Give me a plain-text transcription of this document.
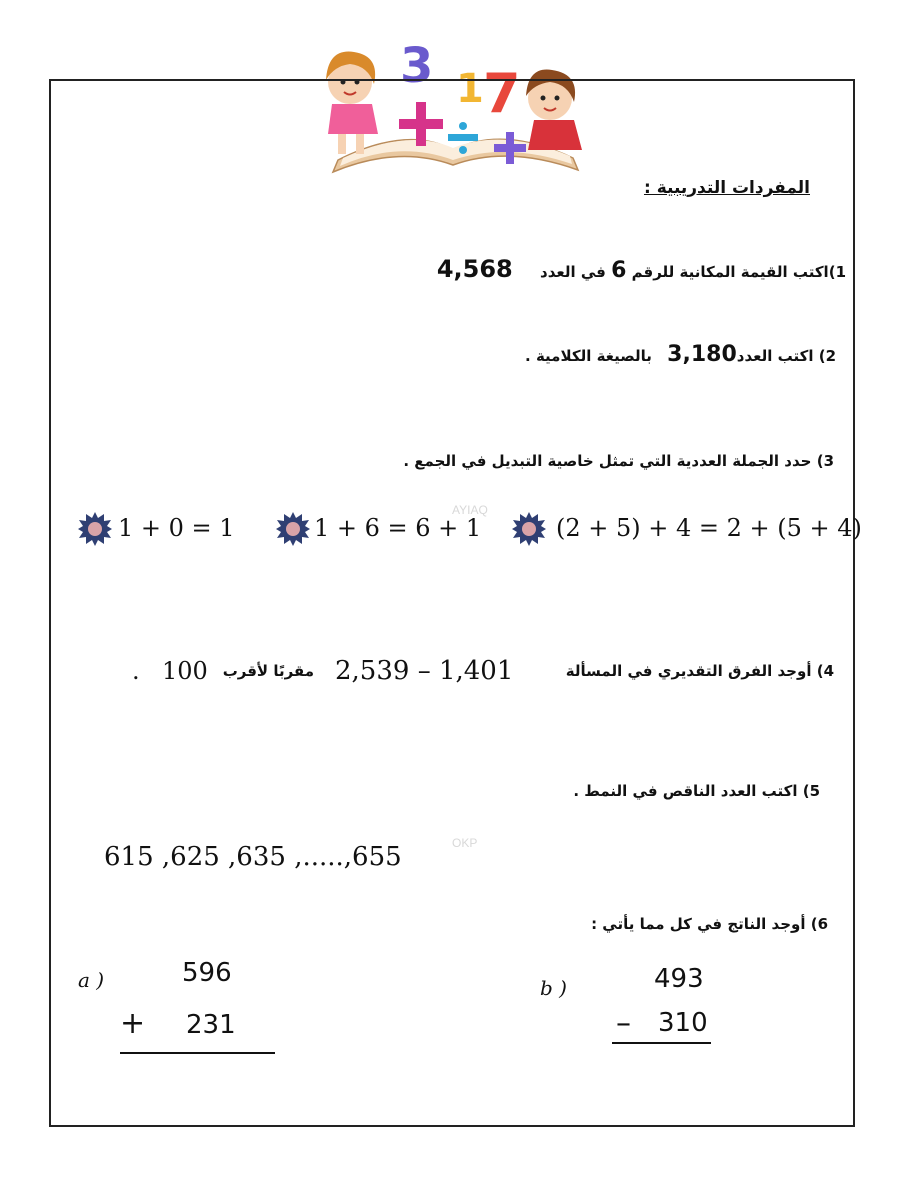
3 7
1
المفردات التدريبية :
1)اكتب القيمة المكانية للرقم 6 في العدد 4,568
2) اكتب العدد3,180 بالصيغة الكلامية .
3) حدد الجملة العددية التي تمثل خاصية التبديل في الجمع .
1 + 0 = 1	1 + 6 = 6 + 1	(2 + 5) + 4 = 2 + (5 + 4)
AYIAQ
4) أوجد الفرق التقديري في المسألة
2,539 – 1,401
مقربًا لأقرب
100
.
5) اكتب العدد الناقص في النمط .
615 ,625 ,635 ,.....,655	OKP
6) أوجد الناتج في كل مما يأتي :
a )	596
+ 231
b )	493
– 310
